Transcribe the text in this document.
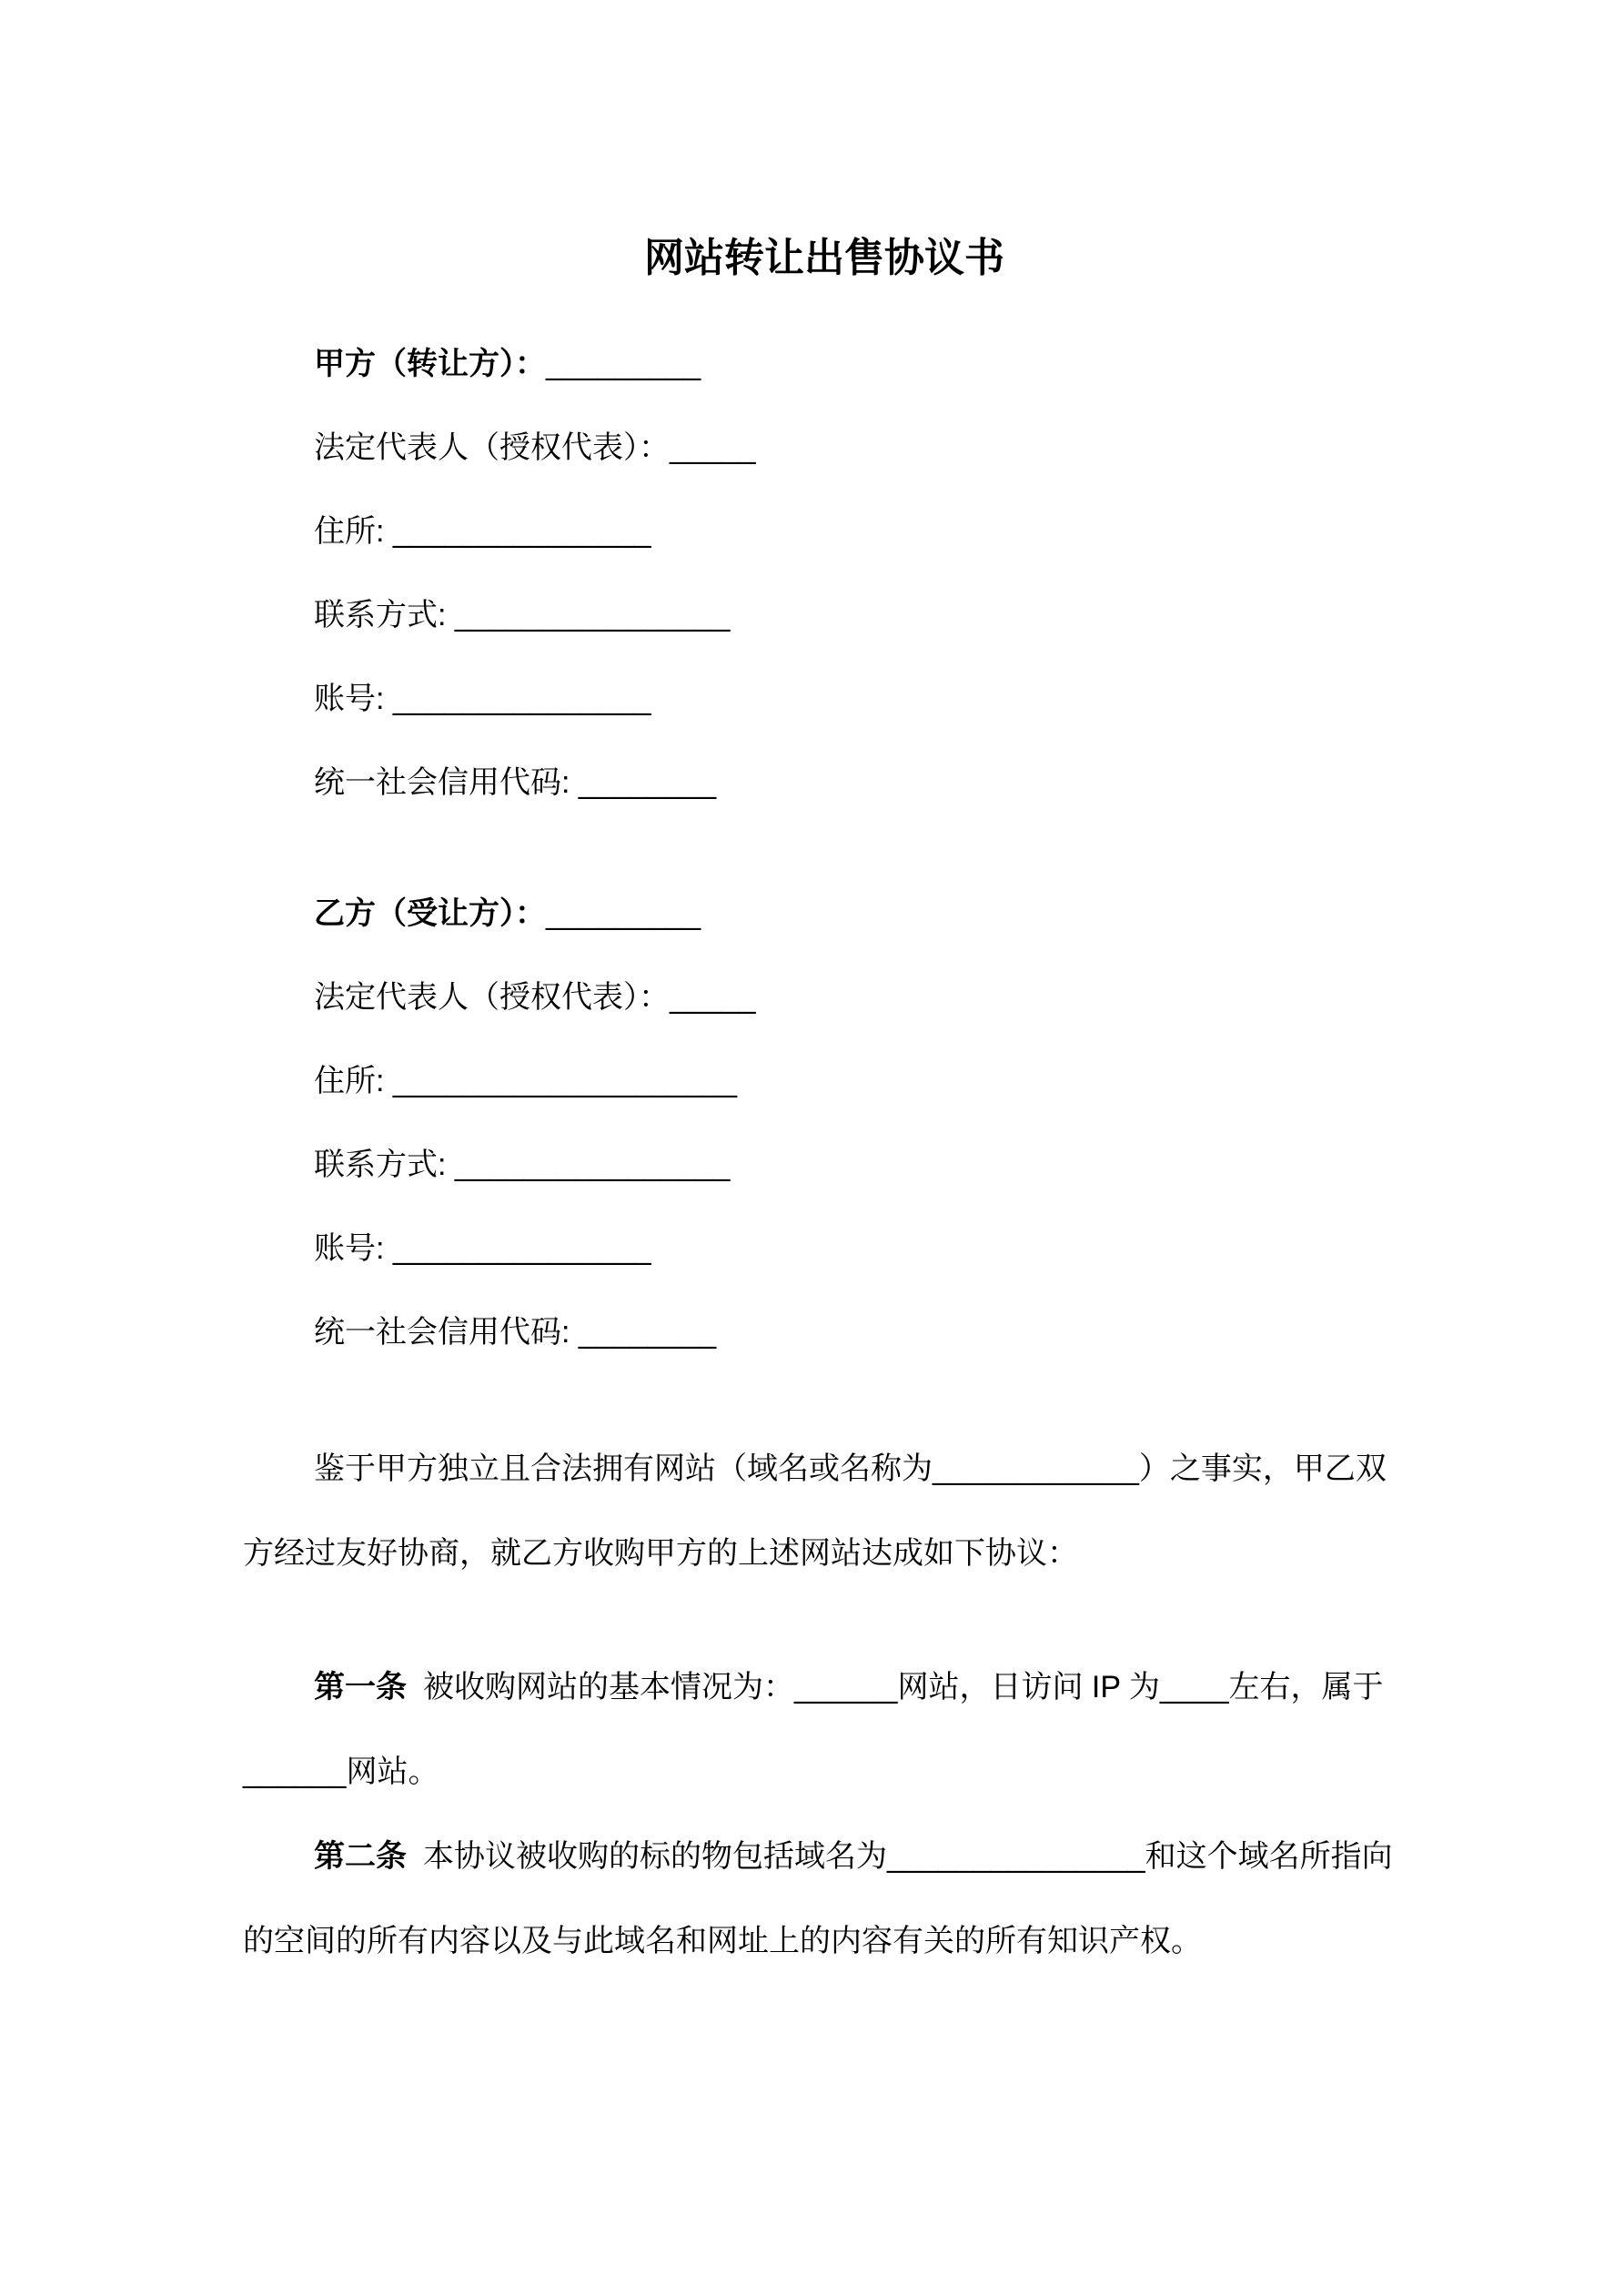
网站转让出售协议书

甲方（转让方）：_________

法定代表人（授权代表）：_____

住所: _______________

联系方式: ________________

账号: _______________

统一社会信用代码: ________

乙方（受让方）：_________

法定代表人（授权代表）：_____

住所: ____________________

联系方式: ________________

账号: _______________

统一社会信用代码: ________

鉴于甲方独立且合法拥有网站（域名或名称为____________）之事实，甲乙双方经过友好协商，就乙方收购甲方的上述网站达成如下协议：

第一条 被收购网站的基本情况为：______网站，日访问 IP 为____左右，属于______网站。

第二条 本协议被收购的标的物包括域名为_______________和这个域名所指向的空间的所有内容以及与此域名和网址上的内容有关的所有知识产权。
